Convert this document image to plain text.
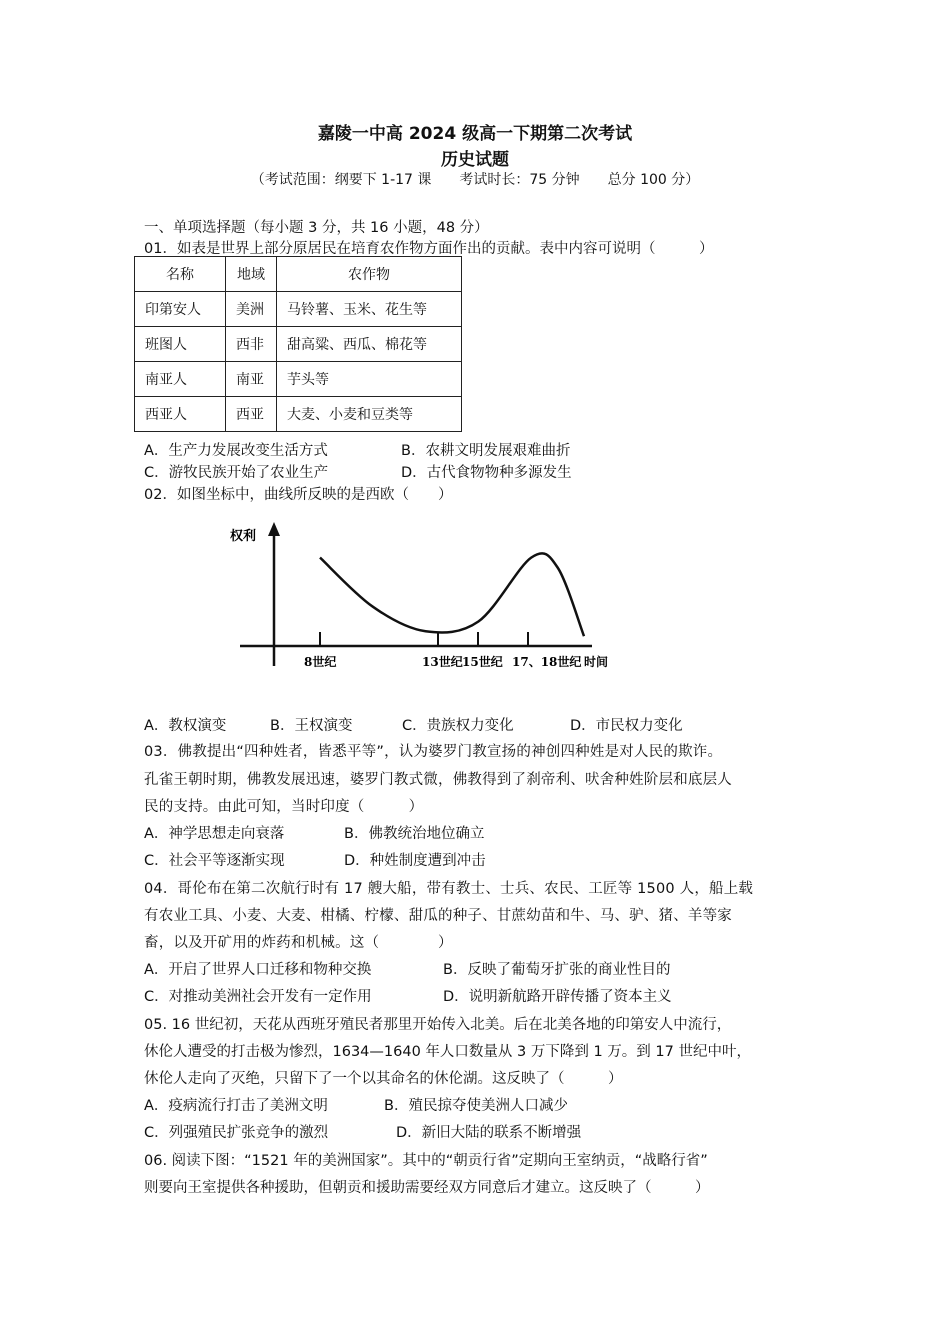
嘉陵一中高 2024 级高一下期第二次考试
历史试题
（考试范围：纲要下 1-17 课　　考试时长：75 分钟　　总分 100 分）
一、单项选择题（每小题 3 分，共 16 小题，48 分）
01．如表是世界上部分原居民在培育农作物方面作出的贡献。表中内容可说明（　　　）
名称	地域	农作物
印第安人	美洲	马铃薯、玉米、花生等
班图人	西非	甜高粱、西瓜、棉花等
南亚人	南亚	芋头等
西亚人	西亚	大麦、小麦和豆类等
A．生产力发展改变生活方式	B．农耕文明发展艰难曲折
C．游牧民族开始了农业生产	D．古代食物物种多源发生
02．如图坐标中，曲线所反映的是西欧（　　）
权利
时间
8世纪	13世纪 15世纪 17、18世纪
A．教权演变	B．王权演变	C．贵族权力变化	D．市民权力变化
03．佛教提出“四种姓者，皆悉平等”，认为婆罗门教宣扬的神创四种姓是对人民的欺诈。
孔雀王朝时期，佛教发展迅速，婆罗门教式微，佛教得到了刹帝利、吠舍种姓阶层和底层人
民的支持。由此可知，当时印度（　　　）
A．神学思想走向衰落	B．佛教统治地位确立
C．社会平等逐渐实现	D．种姓制度遭到冲击
04．哥伦布在第二次航行时有 17 艘大船，带有教士、士兵、农民、工匠等 1500 人，船上载
有农业工具、小麦、大麦、柑橘、柠檬、甜瓜的种子、甘蔗幼苗和牛、马、驴、猪、羊等家
畜，以及开矿用的炸药和机械。这（　　　　）
A．开启了世界人口迁移和物种交换	B．反映了葡萄牙扩张的商业性目的
C．对推动美洲社会开发有一定作用	D．说明新航路开辟传播了资本主义
05. 16 世纪初，天花从西班牙殖民者那里开始传入北美。后在北美各地的印第安人中流行，
休伦人遭受的打击极为惨烈，1634—1640 年人口数量从 3 万下降到 1 万。到 17 世纪中叶，
休伦人走向了灭绝，只留下了一个以其命名的休伦湖。这反映了（　　　）
A．疫病流行打击了美洲文明	B．殖民掠夺使美洲人口减少
C．列强殖民扩张竞争的激烈	D．新旧大陆的联系不断增强
06. 阅读下图：“1521 年的美洲国家”。其中的“朝贡行省”定期向王室纳贡，“战略行省”
则要向王室提供各种援助，但朝贡和援助需要经双方同意后才建立。这反映了（　　　）
